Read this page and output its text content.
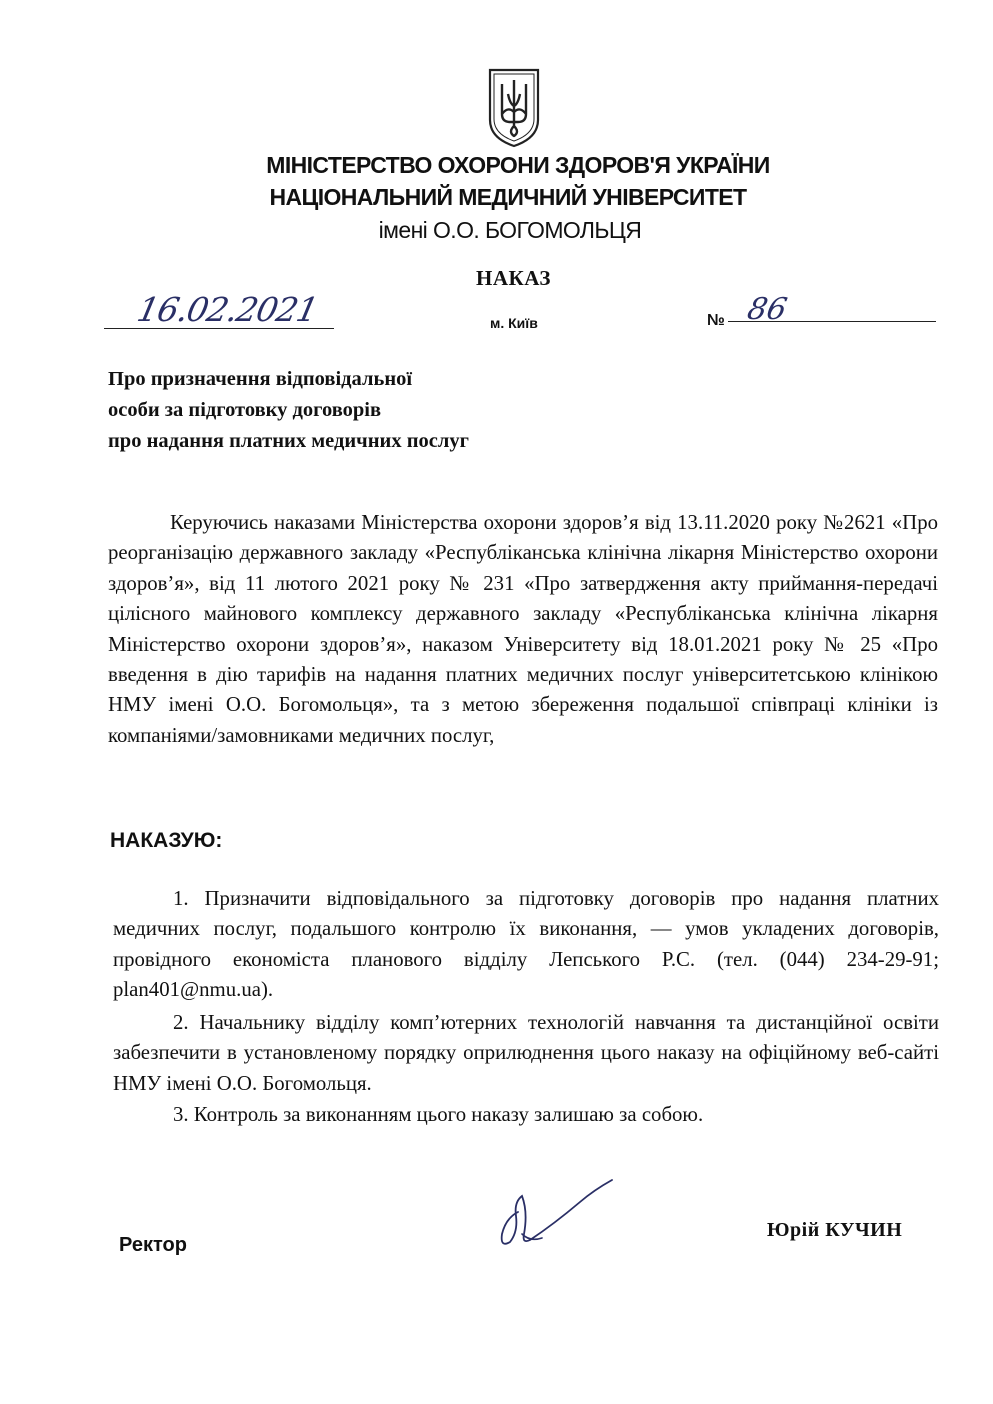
МІНІСТЕРСТВО ОХОРОНИ ЗДОРОВ'Я УКРАЇНИ
НАЦІОНАЛЬНИЙ МЕДИЧНИЙ УНІВЕРСИТЕТ
імені О.О. БОГОМОЛЬЦЯ
НАКАЗ
16.02.2021	м. Київ	№ 86
Про призначення відповідальної
особи за підготовку договорів
про надання платних медичних послуг
Керуючись наказами Міністерства охорони здоров’я від 13.11.2020 року №2621 «Про реорганізацію державного закладу «Республіканська клінічна лікарня Міністерство охорони здоров’я», від 11 лютого 2021 року № 231 «Про затвердження акту приймання-передачі цілісного майнового комплексу державного закладу «Республіканська клінічна лікарня Міністерство охорони здоров’я», наказом Університету від 18.01.2021 року № 25 «Про введення в дію тарифів на надання платних медичних послуг університетською клінікою НМУ імені О.О. Богомольця», та з метою збереження подальшої співпраці клініки із компаніями/замовниками медичних послуг,
НАКАЗУЮ:
1. Призначити відповідального за підготовку договорів про надання платних медичних послуг, подальшого контролю їх виконання, — умов укладених договорів, провідного економіста планового відділу Лепського Р.С. (тел. (044) 234-29-91; plan401@nmu.ua).
2. Начальнику відділу комп’ютерних технологій навчання та дистанційної освіти забезпечити в установленому порядку оприлюднення цього наказу на офіційному веб-сайті НМУ імені О.О. Богомольця.
3. Контроль за виконанням цього наказу залишаю за собою.
Ректор
Юрій КУЧИН
